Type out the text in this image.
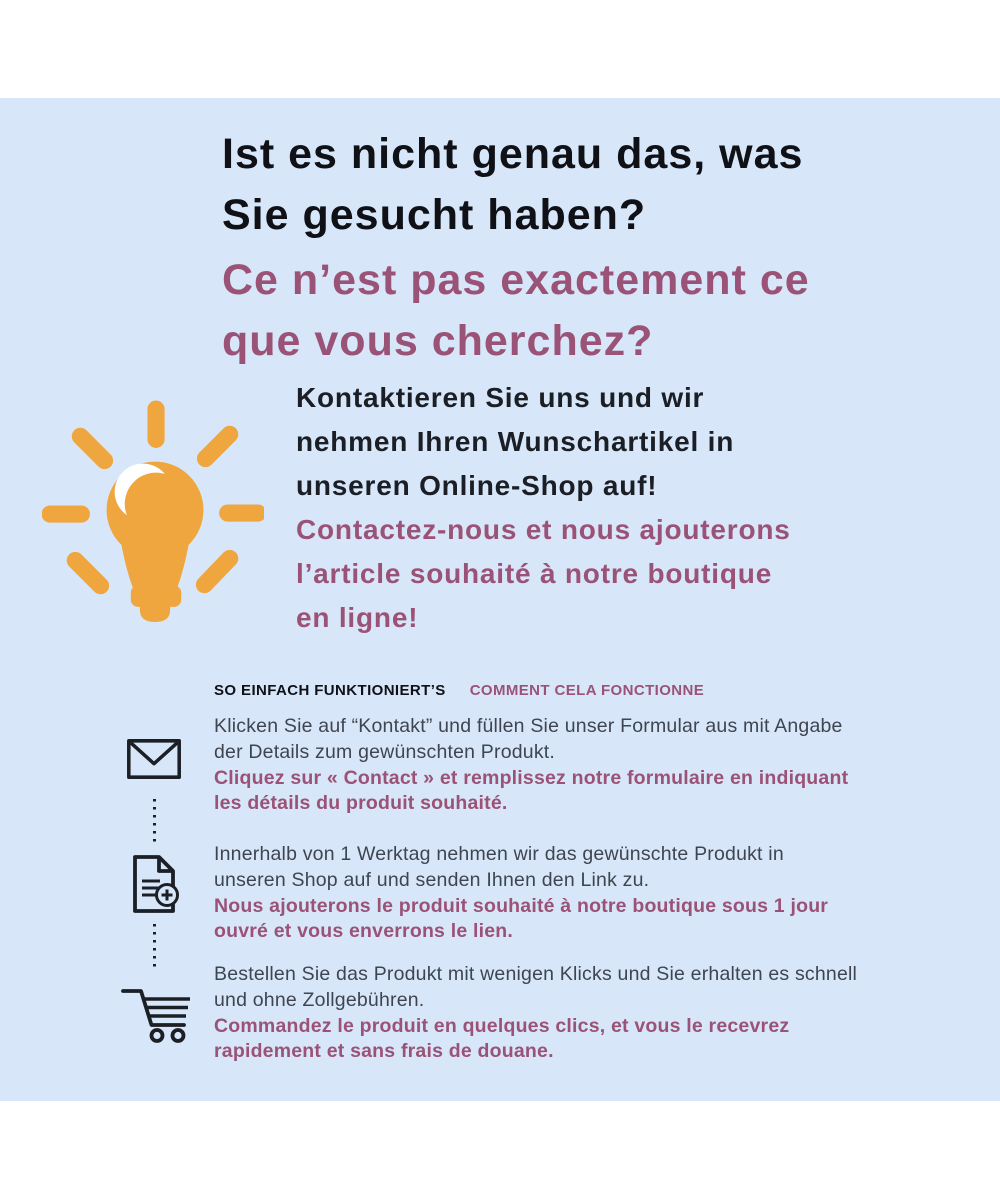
Ist es nicht genau das, was
Sie gesucht haben?
Ce n’est pas exactement ce
que vous cherchez?

Kontaktieren Sie uns und wir
nehmen Ihren Wunschartikel in
unseren Online-Shop auf!

Contactez-nous et nous ajouterons
l’article souhaité à notre boutique
en ligne!

SO EINFACH FUNKTIONIERT’S COMMENT CELA FONCTIONNE

Klicken Sie auf “Kontakt” und füllen Sie unser Formular aus mit Angabe
der Details zum gewünschten Produkt.

Cliquez sur « Contact » et remplissez notre formulaire en indiquant
les détails du produit souhaité.

Innerhalb von 1 Werktag nehmen wir das gewünschte Produkt in
unseren Shop auf und senden Ihnen den Link zu.

Nous ajouterons le produit souhaité à notre boutique sous 1 jour
ouvré et vous enverrons le lien.

Bestellen Sie das Produkt mit wenigen Klicks und Sie erhalten es schnell
und ohne Zollgebühren.

Commandez le produit en quelques clics, et vous le recevrez
rapidement et sans frais de douane.
